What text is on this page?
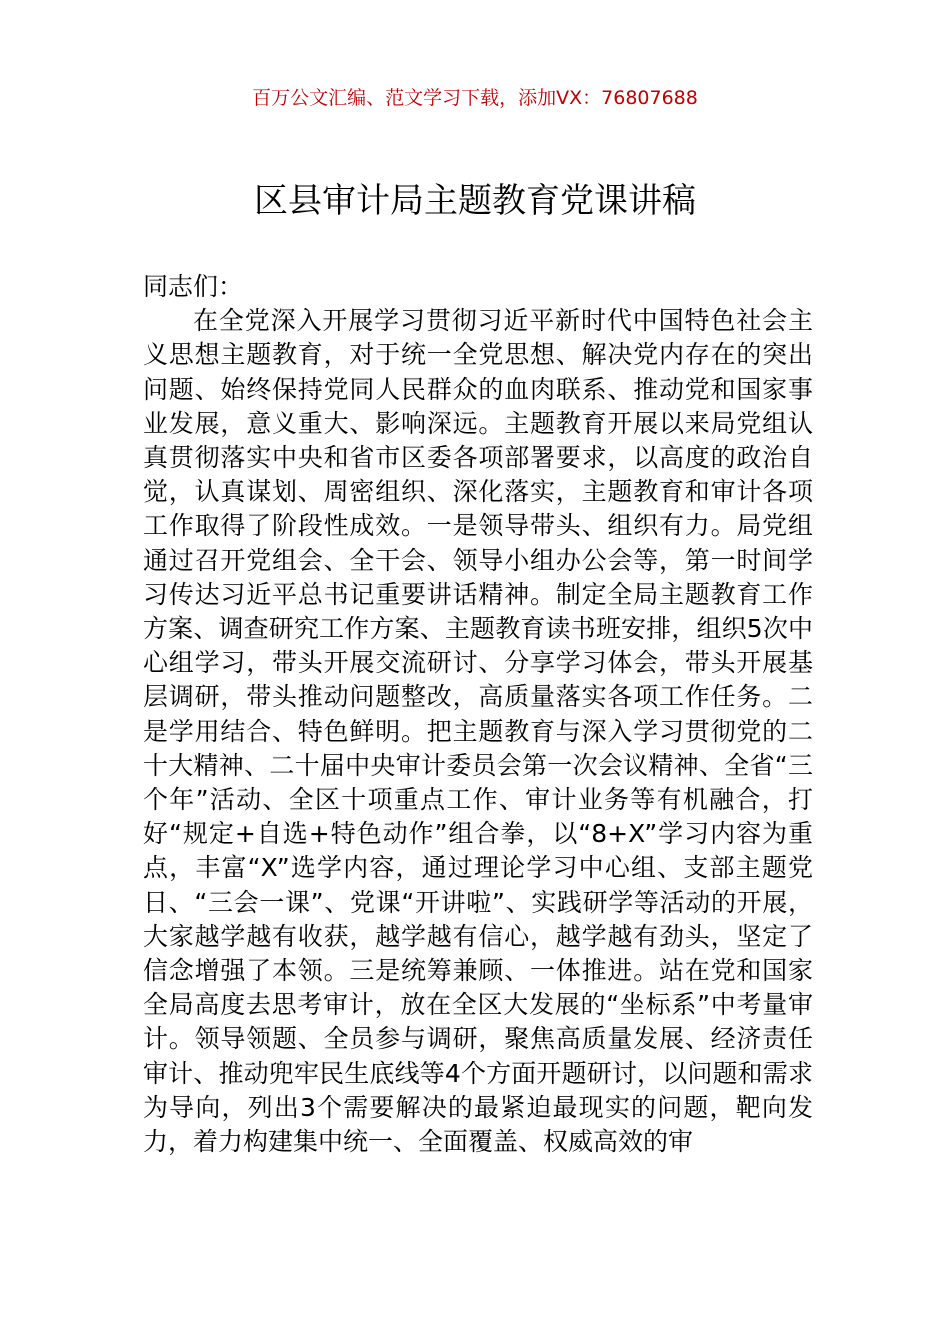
百万公文汇编、范文学习下载，添加VX：76807688
区县审计局主题教育党课讲稿

同志们：

在全党深入开展学习贯彻习近平新时代中国特色社会主义思想主题教育，对于统一全党思想、解决党内存在的突出问题、始终保持党同人民群众的血肉联系、推动党和国家事业发展，意义重大、影响深远。主题教育开展以来局党组认真贯彻落实中央和省市区委各项部署要求，以高度的政治自觉，认真谋划、周密组织、深化落实，主题教育和审计各项工作取得了阶段性成效。一是领导带头、组织有力。局党组通过召开党组会、全干会、领导小组办公会等，第一时间学习传达习近平总书记重要讲话精神。制定全局主题教育工作方案、调查研究工作方案、主题教育读书班安排，组织5次中心组学习，带头开展交流研讨、分享学习体会，带头开展基层调研，带头推动问题整改，高质量落实各项工作任务。二是学用结合、特色鲜明。把主题教育与深入学习贯彻党的二十大精神、二十届中央审计委员会第一次会议精神、全省“三个年”活动、全区十项重点工作、审计业务等有机融合，打好“规定+自选+特色动作”组合拳，以“8+X”学习内容为重点，丰富“X”选学内容，通过理论学习中心组、支部主题党日、“三会一课”、党课“开讲啦”、实践研学等活动的开展，大家越学越有收获，越学越有信心，越学越有劲头，坚定了信念增强了本领。三是统筹兼顾、一体推进。站在党和国家全局高度去思考审计，放在全区大发展的“坐标系”中考量审计。领导领题、全员参与调研，聚焦高质量发展、经济责任审计、推动兜牢民生底线等4个方面开题研讨，以问题和需求为导向，列出3个需要解决的最紧迫最现实的问题，靶向发力，着力构建集中统一、全面覆盖、权威高效的审
